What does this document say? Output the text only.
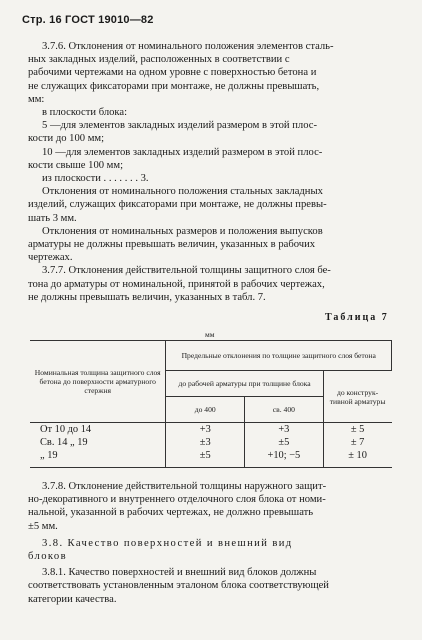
Стр. 16 ГОСТ 19010—82
3.7.6. Отклонения от номинального положения элементов сталь-
ных закладных изделий, расположенных в соответствии с
рабочими чертежами на одном уровне с поверхностью бетона и
не служащих фиксаторами при монтаже, не должны превышать,
мм:
в плоскости блока:
5 —для элементов закладных изделий размером в этой плос-
кости до 100 мм;
10 —для элементов закладных изделий размером в этой плос-
кости свыше 100 мм;
из плоскости . . . . . . . 3.
Отклонения от номинального положения стальных закладных
изделий, служащих фиксаторами при монтаже, не должны превы-
шать 3 мм.
Отклонения от номинальных размеров и положения выпусков
арматуры не должны превышать величин, указанных в рабочих
чертежах.
3.7.7. Отклонения действительной толщины защитного слоя бе-
тона до арматуры от номинальной, принятой в рабочих чертежах,
не должны превышать величин, указанных в табл. 7.
Таблица 7
мм
Номинальная толщина защитного слоя бетона до поверхности арматурного стержня	Предельные отклонения по толщине защитного слоя бетона		
	до рабочей арматуры при толщине блока		до конструк-тивной арматуры
	до 400	св. 400	
От 10 до 14	+3	+3	± 5
Св. 14 „ 19	±3	±5	± 7
„ 19	±5	+10; −5	± 10
3.7.8. Отклонение действительной толщины наружного защит-
но-декоративного и внутреннего отделочного слоя блока от номи-
нальной, указанной в рабочих чертежах, не должно превышать
±5 мм.
3.8. Качество поверхностей и внешний вид
блоков
3.8.1. Качество поверхностей и внешний вид блоков должны
соответствовать установленным эталоном блока соответствующей
категории качества.
